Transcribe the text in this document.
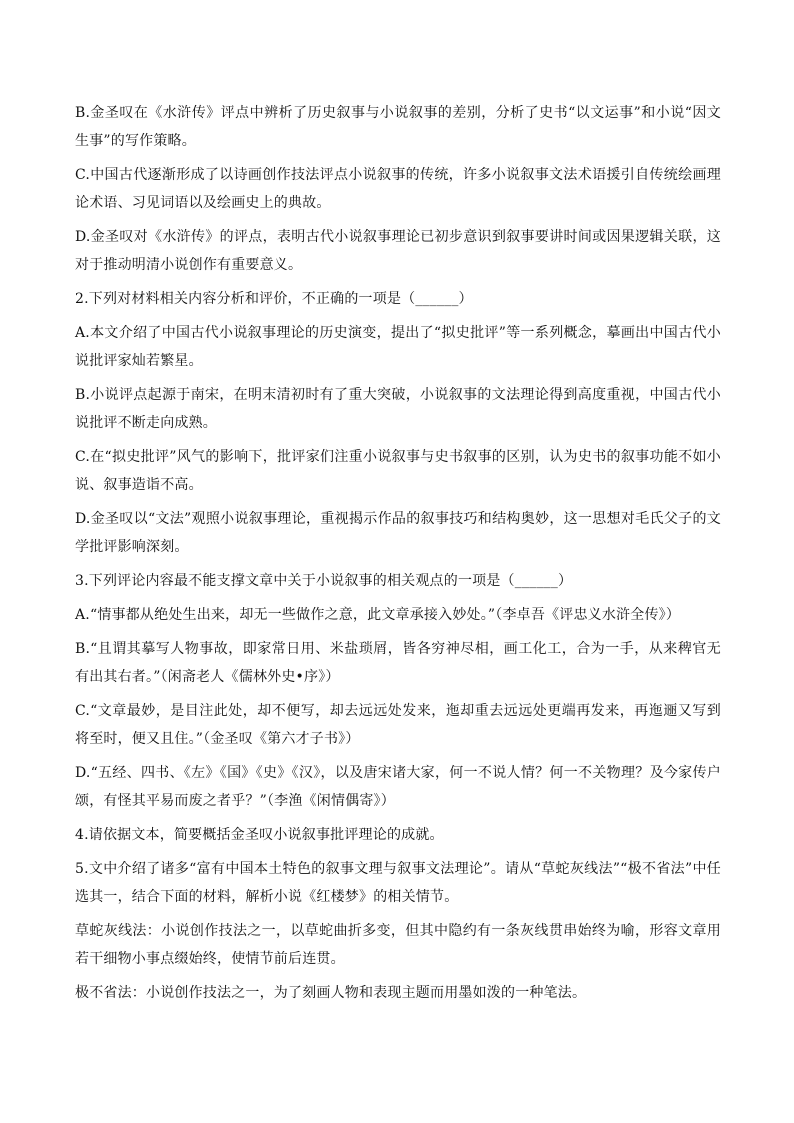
B.金圣叹在《水浒传》评点中辨析了历史叙事与小说叙事的差别，分析了史书“以文运事”和小说“因文生事”的写作策略。

C.中国古代逐渐形成了以诗画创作技法评点小说叙事的传统，许多小说叙事文法术语援引自传统绘画理论术语、习见词语以及绘画史上的典故。

D.金圣叹对《水浒传》的评点，表明古代小说叙事理论已初步意识到叙事要讲时间或因果逻辑关联，这对于推动明清小说创作有重要意义。

2.下列对材料相关内容分析和评价，不正确的一项是（______）

A.本文介绍了中国古代小说叙事理论的历史演变，提出了“拟史批评”等一系列概念，摹画出中国古代小说批评家灿若繁星。

B.小说评点起源于南宋，在明末清初时有了重大突破，小说叙事的文法理论得到高度重视，中国古代小说批评不断走向成熟。

C.在“拟史批评”风气的影响下，批评家们注重小说叙事与史书叙事的区别，认为史书的叙事功能不如小说、叙事造诣不高。

D.金圣叹以“文法”观照小说叙事理论，重视揭示作品的叙事技巧和结构奥妙，这一思想对毛氏父子的文学批评影响深刻。

3.下列评论内容最不能支撑文章中关于小说叙事的相关观点的一项是（______）

A.“情事都从绝处生出来，却无一些做作之意，此文章承接入妙处。”（李卓吾《评忠义水浒全传》）

B.“且谓其摹写人物事故，即家常日用、米盐琐屑，皆各穷神尽相，画工化工，合为一手，从来稗官无有出其右者。”（闲斋老人《儒林外史•序》）

C.“文章最妙，是目注此处，却不便写，却去远远处发来，迤却重去远远处更端再发来，再迤逦又写到将至时，便又且住。”（金圣叹《第六才子书》）

D.“五经、四书、《左》《国》《史》《汉》，以及唐宋诸大家，何一不说人情？何一不关物理？及今家传户颂，有怪其平易而废之者乎？”（李渔《闲情偶寄》）

4.请依据文本，简要概括金圣叹小说叙事批评理论的成就。

5.文中介绍了诸多“富有中国本土特色的叙事文理与叙事文法理论”。请从“草蛇灰线法”“极不省法”中任选其一，结合下面的材料，解析小说《红楼梦》的相关情节。

草蛇灰线法：小说创作技法之一，以草蛇曲折多变，但其中隐约有一条灰线贯串始终为喻，形容文章用若干细物小事点缀始终，使情节前后连贯。

极不省法：小说创作技法之一，为了刻画人物和表现主题而用墨如泼的一种笔法。
